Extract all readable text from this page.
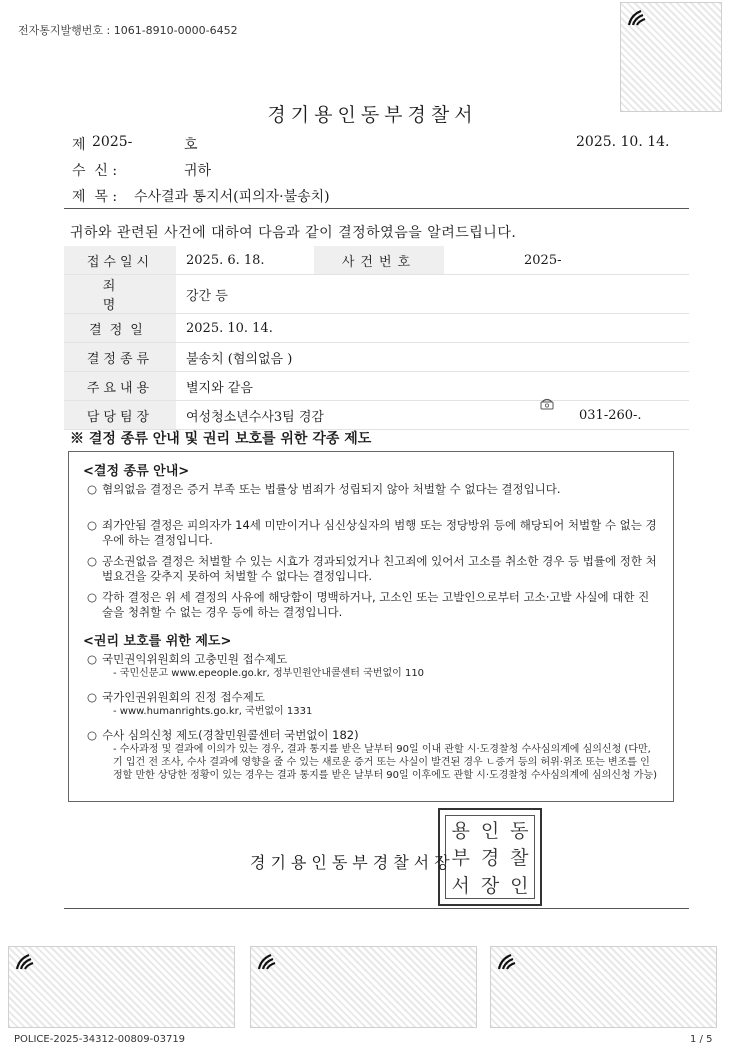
전자통지발행번호 : 1061-8910-0000-6452
경기용인동부경찰서
제 2025-	호	2025. 10. 14.
수  신 :	귀하
제  목 : 수사결과 통지서(피의자·불송치)
귀하와 관련된 사건에 대하여 다음과 같이 결정하였음을 알려드립니다.
접수일시	2025. 6. 18.	사건번호	2025-	
죄 명	강간 등			
결정일	2025. 10. 14.			
결정종류	불송치 (혐의없음 )			
주요내용	별지와 같음			
담당팀장	여성청소년수사3팀 경감			031-260-.
※ 결정 종류 안내 및 권리 보호를 위한 각종 제도
<결정 종류 안내>
○ 혐의없음 결정은 증거 부족 또는 법률상 범죄가 성립되지 않아 처벌할 수 없다는 결정입니다.
○ 죄가안됨 결정은 피의자가 14세 미만이거나 심신상실자의 범행 또는 정당방위 등에 해당되어 처벌할 수 없는 경우에 하는 결정입니다.
○ 공소권없음 결정은 처벌할 수 있는 시효가 경과되었거나 친고죄에 있어서 고소를 취소한 경우 등 법률에 정한 처벌요건을 갖추지 못하여 처벌할 수 없다는 결정입니다.
○ 각하 결정은 위 세 결정의 사유에 해당함이 명백하거나, 고소인 또는 고발인으로부터 고소·고발 사실에 대한 진술을 청취할 수 없는 경우 등에 하는 결정입니다.
<권리 보호를 위한 제도>
○ 국민권익위원회의 고충민원 접수제도
- 국민신문고 www.epeople.go.kr, 정부민원안내콜센터 국번없이 110
○ 국가인권위원회의 진정 접수제도
- www.humanrights.go.kr, 국번없이 1331
○ 수사 심의신청 제도(경찰민원콜센터 국번없이 182)
- 수사과정 및 결과에 이의가 있는 경우, 결과 통지를 받은 날부터 90일 이내 관할 시·도경찰청 수사심의계에 심의신청 (다만, 기 입건 전 조사, 수사 결과에 영향을 줄 수 있는 새로운 증거 또는 사실이 발견된 경우 ㄴ증거 등의 허위·위조 또는 변조를 인정할 만한 상당한 정황이 있는 경우는 결과 통지를 받은 날부터 90일 이후에도 관할 시·도경찰청 수사심의계에 심의신청 가능)
용 인 동
부 경 찰
서 장 인
경기용인동부경찰서장
POLICE-2025-34312-00809-03719	1 / 5
